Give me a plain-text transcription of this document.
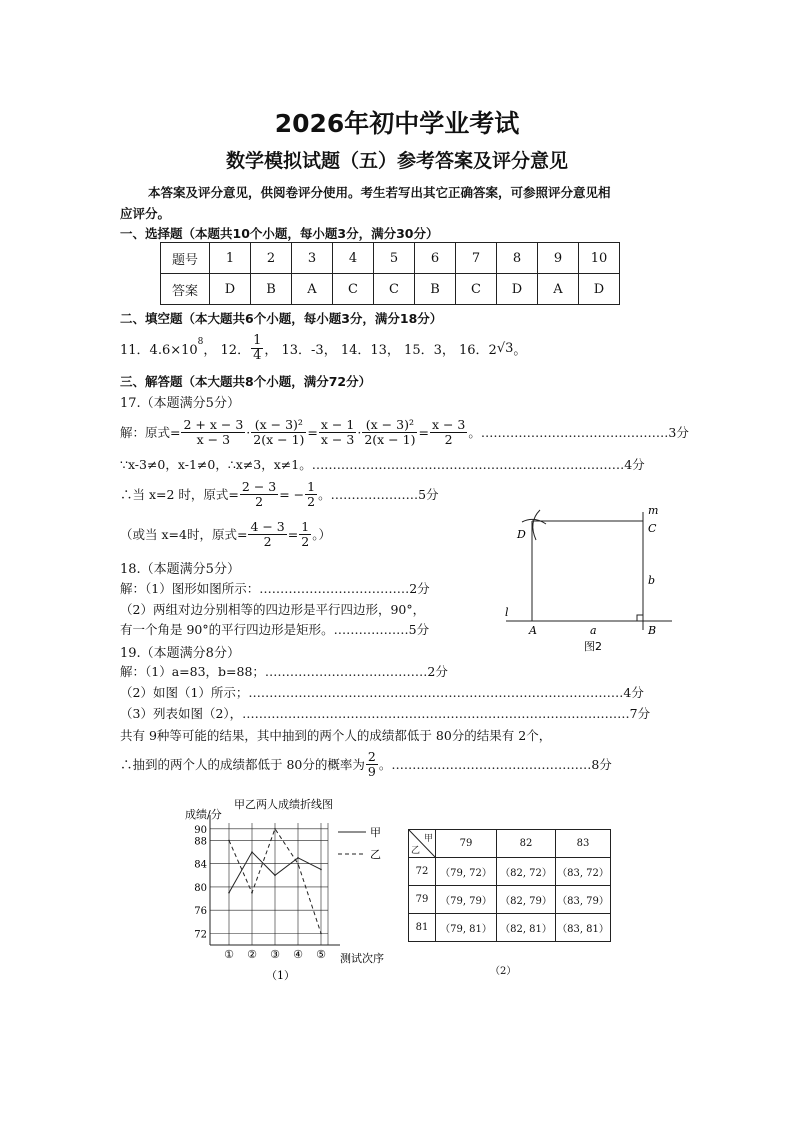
2026年初中学业考试
数学模拟试题（五）参考答案及评分意见
本答案及评分意见，供阅卷评分使用。考生若写出其它正确答案，可参照评分意见相
应评分。
一、选择题（本题共10个小题，每小题3分，满分30分）
题号	1	2	3	4	5	6	7	8	9	10
答案	D	B	A	C	C	B	C	D	A	D
二、填空题（本大题共6个小题，每小题3分，满分18分）
11．4.6×10
$^8$
， 12． $\frac{1}{4}$ ， 13．-3， 14．13， 15．3， 16．2 √3 。
三、解答题（本大题共8个小题，满分72分）
17.（本题满分5分）
解：原式= $\frac{2 + x - 3}{x - 3} \cdot \frac{\text{(x − 3)²}}{2(x - 1)} = \frac{x - 1}{x - 3} \cdot \frac{\text{(x − 3)²}}{2(x - 1)} = \frac{x - 3}{2}$ 。………………………………………3分
∵x-3≠0，x-1≠0，∴x≠3，x≠1。…………………………………………………………………4分
∴当 x=2 时，原式= $\frac{2 - 3}{2}$ = − $\frac{1}{2}$ 。…………………5分
（或当 x=4时，原式= $\frac{4 - 3}{2} = \frac{1}{2}$ 。）
18.（本题满分5分）
解：（1）图形如图所示：………………………………2分
（2）两组对边分别相等的四边形是平行四边形，90°，
有一个角是 90°的平行四边形是矩形。………………5分
m
C
D
b
l
A	a	B
图2
19.（本题满分8分）
解：（1）a=83，b=88；…………………………………2分
（2）如图（1）所示；………………………………………………………………………………4分
（3）列表如图（2），…………………………………………………………………………………7分
共有 9种等可能的结果，其中抽到的两个人的成绩都低于 80分的结果有 2个，
∴抽到的两个人的成绩都低于 80分的概率为 $\frac{2}{9}$ 。…………………………………………8分
成绩/分
甲乙两人成绩折线图
测试次序
（1）
72
76
80
84
88
90
① ② ③ ④ ⑤
甲
乙
甲
乙	79	82	83
72	（79, 72）	（82, 72）	（83, 72）
79	（79, 79）	（82, 79）	（83, 79）
81	（79, 81）	（82, 81）	（83, 81）
（2）
